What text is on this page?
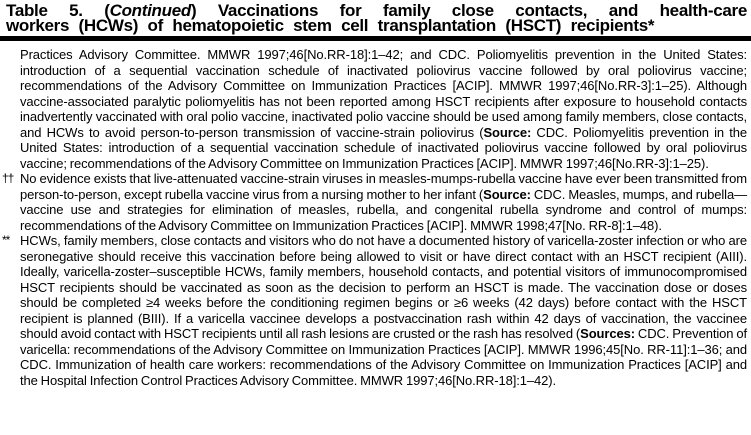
Table 5. (Continued) Vaccinations for family close contacts, and health-care
workers (HCWs) of hematopoietic stem cell transplantation (HSCT) recipients*
Practices Advisory Committee. MMWR 1997;46[No.RR-18]:1–42; and CDC. Poliomyelitis prevention in the United States: introduction of a sequential vaccination schedule of inactivated poliovirus vaccine followed by oral poliovirus vaccine; recommendations of the Advisory Committee on Immunization Practices [ACIP]. MMWR 1997;46[No.RR-3]:1–25). Although vaccine-associated paralytic poliomyelitis has not been reported among HSCT recipients after exposure to household contacts inadvertently vaccinated with oral polio vaccine, inactivated polio vaccine should be used among family members, close contacts, and HCWs to avoid person-to-person transmission of vaccine-strain poliovirus (Source: CDC. Poliomyelitis prevention in the United States: introduction of a sequential vaccination schedule of inactivated poliovirus vaccine followed by oral poliovirus vaccine; recommendations of the Advisory Committee on Immunization Practices [ACIP]. MMWR 1997;46[No.RR-3]:1–25).
†† No evidence exists that live-attenuated vaccine-strain viruses in measles-mumps-rubella vaccine have ever been transmitted from person-to-person, except rubella vaccine virus from a nursing mother to her infant (Source: CDC. Measles, mumps, and rubella—vaccine use and strategies for elimination of measles, rubella, and congenital rubella syndrome and control of mumps: recommendations of the Advisory Committee on Immunization Practices [ACIP]. MMWR 1998;47[No. RR-8]:1–48).
** HCWs, family members, close contacts and visitors who do not have a documented history of varicella-zoster infection or who are seronegative should receive this vaccination before being allowed to visit or have direct contact with an HSCT recipient (AIII). Ideally, varicella-zoster–susceptible HCWs, family members, household contacts, and potential visitors of immunocompromised HSCT recipients should be vaccinated as soon as the decision to perform an HSCT is made. The vaccination dose or doses should be completed ≥4 weeks before the conditioning regimen begins or ≥6 weeks (42 days) before contact with the HSCT recipient is planned (BIII). If a varicella vaccinee develops a postvaccination rash within 42 days of vaccination, the vaccinee should avoid contact with HSCT recipients until all rash lesions are crusted or the rash has resolved (Sources: CDC. Prevention of varicella: recommendations of the Advisory Committee on Immunization Practices [ACIP]. MMWR 1996;45[No. RR-11]:1–36; and CDC. Immunization of health care workers: recommendations of the Advisory Committee on Immunization Practices [ACIP] and the Hospital Infection Control Practices Advisory Committee. MMWR 1997;46[No.RR-18]:1–42).
